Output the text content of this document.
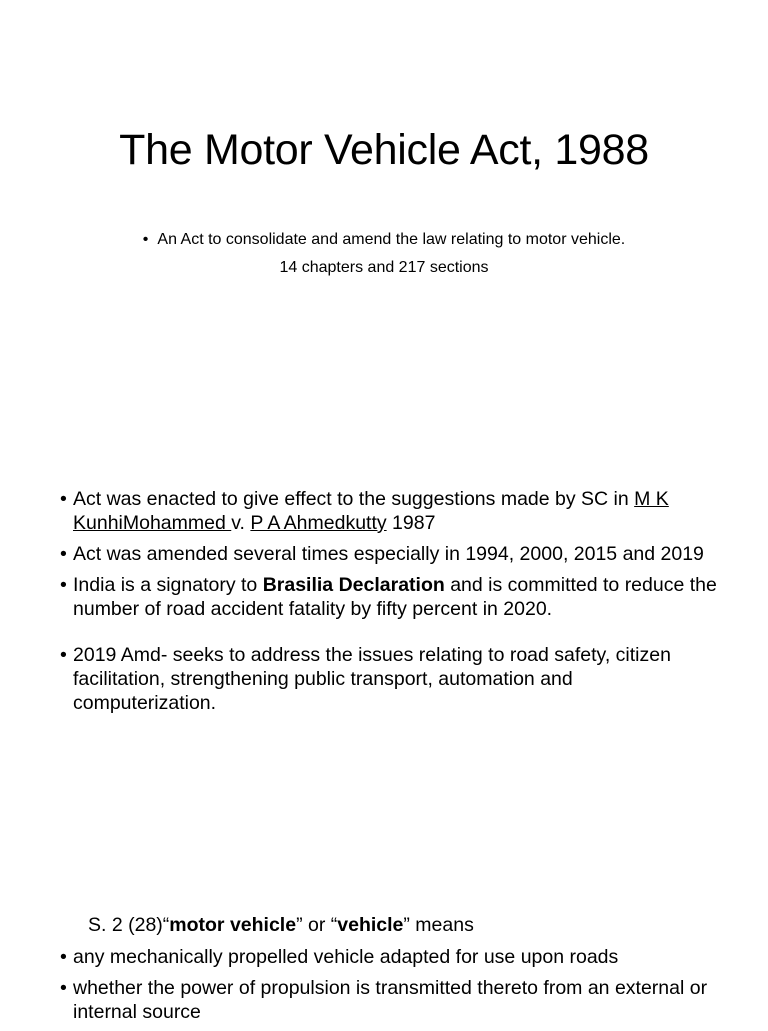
The Motor Vehicle Act, 1988
• An Act to consolidate and amend the law relating to motor vehicle.
14 chapters and 217 sections
• Act was enacted to give effect to the suggestions made by SC in M K KunhiMohammed v. P A Ahmedkutty 1987
• Act was amended several times especially in 1994, 2000, 2015 and 2019
• India is a signatory to Brasilia Declaration and is committed to reduce the number of road accident fatality by fifty percent in 2020.
• 2019 Amd- seeks to address the issues relating to road safety, citizen facilitation, strengthening public transport, automation and computerization.
S. 2 (28)“motor vehicle” or “vehicle” means
• any mechanically propelled vehicle adapted for use upon roads
• whether the power of propulsion is transmitted thereto from an external or internal source
